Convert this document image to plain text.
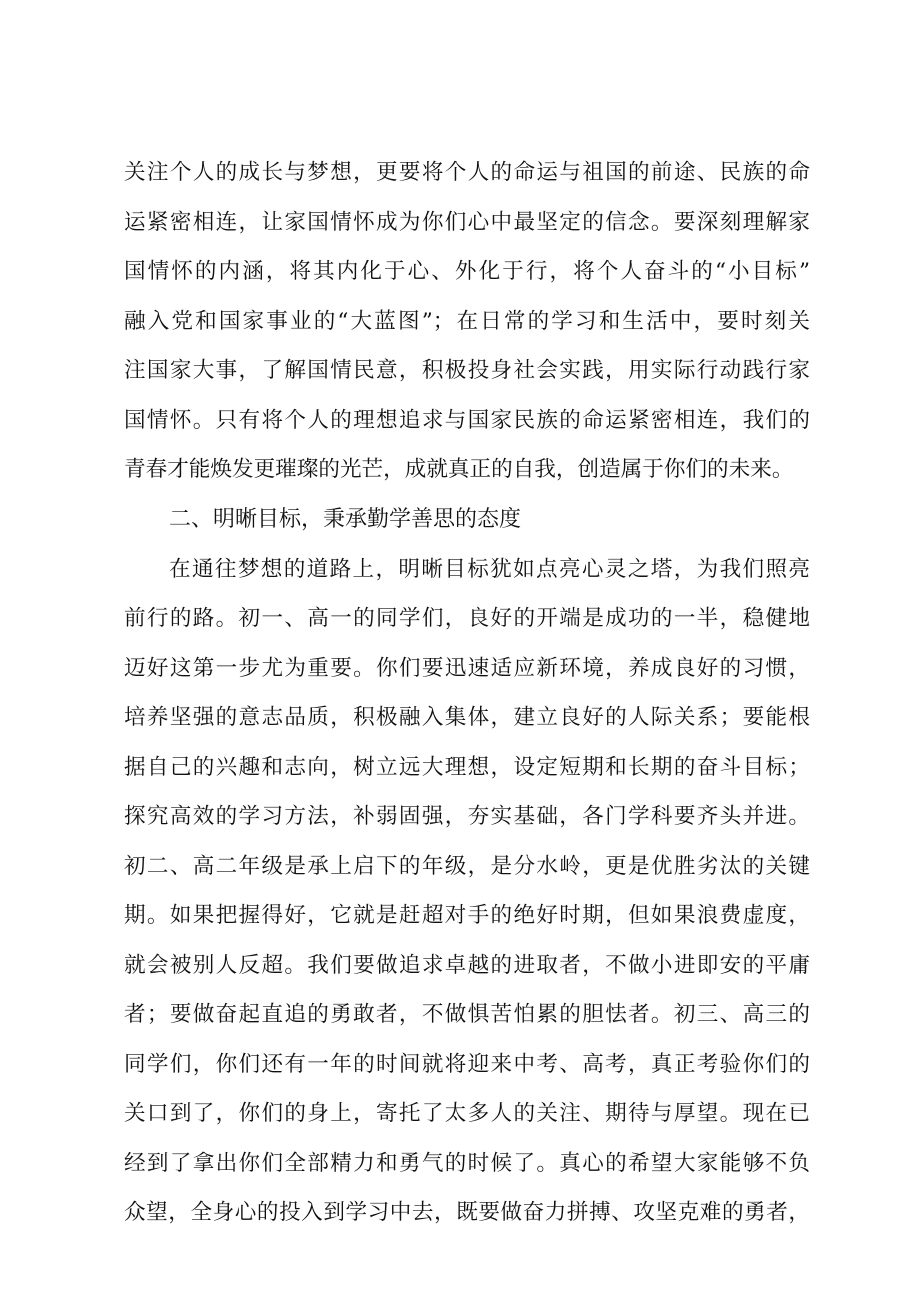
关注个人的成长与梦想，更要将个人的命运与祖国的前途、民族的命
运紧密相连，让家国情怀成为你们心中最坚定的信念。要深刻理解家
国情怀的内涵，将其内化于心、外化于行，将个人奋斗的“小目标”
融入党和国家事业的“大蓝图”；在日常的学习和生活中，要时刻关
注国家大事，了解国情民意，积极投身社会实践，用实际行动践行家
国情怀。只有将个人的理想追求与国家民族的命运紧密相连，我们的
青春才能焕发更璀璨的光芒，成就真正的自我，创造属于你们的未来。
二、明晰目标，秉承勤学善思的态度
在通往梦想的道路上，明晰目标犹如点亮心灵之塔，为我们照亮
前行的路。初一、高一的同学们，良好的开端是成功的一半，稳健地
迈好这第一步尤为重要。你们要迅速适应新环境，养成良好的习惯，
培养坚强的意志品质，积极融入集体，建立良好的人际关系；要能根
据自己的兴趣和志向，树立远大理想，设定短期和长期的奋斗目标；
探究高效的学习方法，补弱固强，夯实基础，各门学科要齐头并进。
初二、高二年级是承上启下的年级，是分水岭，更是优胜劣汰的关键
期。如果把握得好，它就是赶超对手的绝好时期，但如果浪费虚度，
就会被别人反超。我们要做追求卓越的进取者，不做小进即安的平庸
者；要做奋起直追的勇敢者，不做惧苦怕累的胆怯者。初三、高三的
同学们，你们还有一年的时间就将迎来中考、高考，真正考验你们的
关口到了，你们的身上，寄托了太多人的关注、期待与厚望。现在已
经到了拿出你们全部精力和勇气的时候了。真心的希望大家能够不负
众望，全身心的投入到学习中去，既要做奋力拼搏、攻坚克难的勇者，
